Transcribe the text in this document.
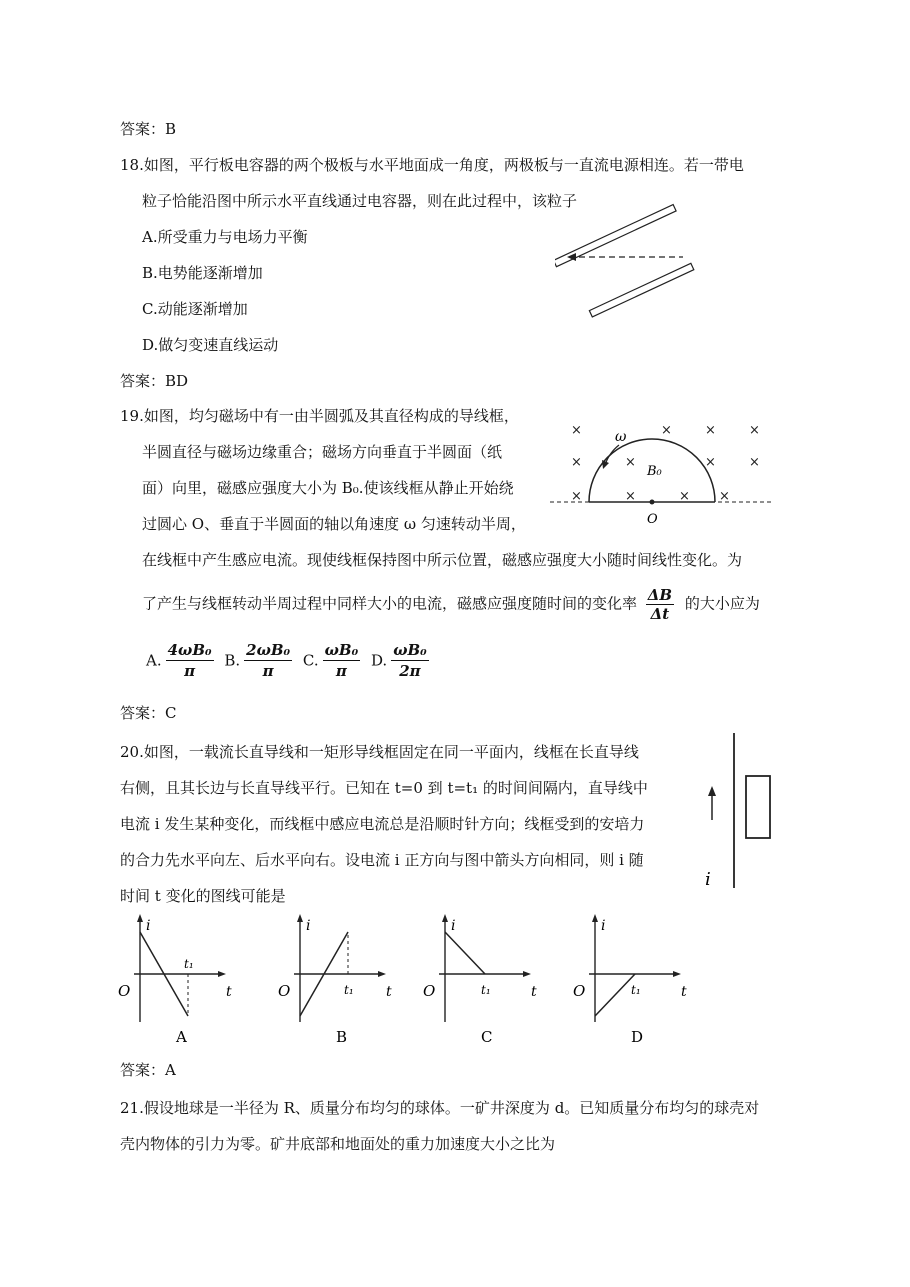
答案：B
18.如图，平行板电容器的两个极板与水平地面成一角度，两极板与一直流电源相连。若一带电
粒子恰能沿图中所示水平直线通过电容器，则在此过程中，该粒子
A.所受重力与电场力平衡
B.电势能逐渐增加
C.动能逐渐增加
D.做匀变速直线运动
答案：BD
19.如图，均匀磁场中有一由半圆弧及其直径构成的导线框，
半圆直径与磁场边缘重合；磁场方向垂直于半圆面（纸
面）向里，磁感应强度大小为 B₀.使该线框从静止开始绕
过圆心 O、垂直于半圆面的轴以角速度 ω 匀速转动半周，
在线框中产生感应电流。现使线框保持图中所示位置，磁感应强度大小随时间线性变化。为
了产生与线框转动半周过程中同样大小的电流，磁感应强度随时间的变化率 $\frac{\Delta B}{\Delta t}$ 的大小应为
A. $\frac{\text{4ωB₀}}{\pi} B$. $\frac{\text{2ωB₀}}{\pi} C$. $\frac{\text{ωB₀}}{\pi} D$. $\frac{\text{ωB₀}}{2\pi}$
答案：C
ω
B₀
O
×	×	×	×
×	×	×	×
×	×	× ×
20.如图，一载流长直导线和一矩形导线框固定在同一平面内，线框在长直导线
右侧，且其长边与长直导线平行。已知在 t=0 到 t=t₁ 的时间间隔内，直导线中
电流 i 发生某种变化，而线框中感应电流总是沿顺时针方向；线框受到的安培力
的合力先水平向左、后水平向右。设电流 i 正方向与图中箭头方向相同，则 i 随
时间 t 变化的图线可能是
i
t₁
i
t
O
A
t₁
i
t
O
B
t₁
i
t
O
C
t₁
i
t
O
D
答案：A
21.假设地球是一半径为 R、质量分布均匀的球体。一矿井深度为 d。已知质量分布均匀的球壳对
壳内物体的引力为零。矿井底部和地面处的重力加速度大小之比为
